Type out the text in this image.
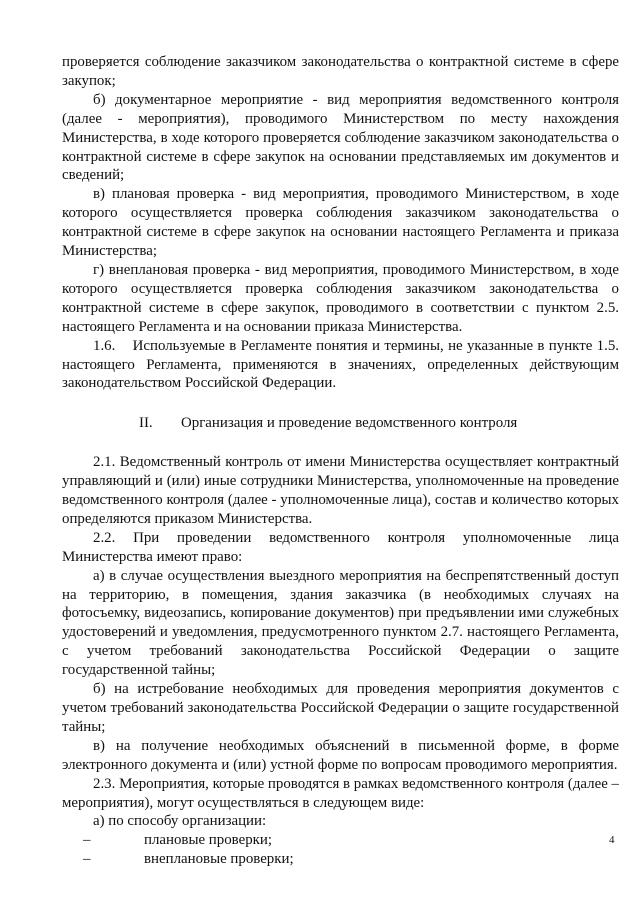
проверяется соблюдение заказчиком законодательства о контрактной системе в сфере закупок;

б) документарное мероприятие - вид мероприятия ведомственного контроля (далее - мероприятия), проводимого Министерством по месту нахождения Министерства, в ходе которого проверяется соблюдение заказчиком законодательства о контрактной системе в сфере закупок на основании представляемых им документов и сведений;

в) плановая проверка - вид мероприятия, проводимого Министерством, в ходе которого осуществляется проверка соблюдения заказчиком законодательства о контрактной системе в сфере закупок на основании настоящего Регламента и приказа Министерства;

г) внеплановая проверка - вид мероприятия, проводимого Министерством, в ходе которого осуществляется проверка соблюдения заказчиком законодательства о контрактной системе в сфере закупок, проводимого в соответствии с пунктом 2.5. настоящего Регламента и на основании приказа Министерства.

1.6.    Используемые в Регламенте понятия и термины, не указанные в пункте 1.5. настоящего Регламента, применяются в значениях, определенных действующим законодательством Российской Федерации.

II. Организация и проведение ведомственного контроля

2.1. Ведомственный контроль от имени Министерства осуществляет контрактный управляющий и (или) иные сотрудники Министерства, уполномоченные на проведение ведомственного контроля (далее - уполномоченные лица), состав и количество которых определяются приказом Министерства.

2.2. При проведении ведомственного контроля уполномоченные лица Министерства имеют право:

а) в случае осуществления выездного мероприятия на беспрепятственный доступ на территорию, в помещения, здания заказчика (в необходимых случаях на фотосъемку, видеозапись, копирование документов) при предъявлении ими служебных удостоверений и уведомления, предусмотренного пунктом 2.7. настоящего Регламента, с учетом требований законодательства Российской Федерации о защите государственной тайны;

б) на истребование необходимых для проведения мероприятия документов с учетом требований законодательства Российской Федерации о защите государственной тайны;

в) на получение необходимых объяснений в письменной форме, в форме электронного документа и (или) устной форме по вопросам проводимого мероприятия.

2.3. Мероприятия, которые проводятся в рамках ведомственного контроля (далее – мероприятия), могут осуществляться в следующем виде:

а) по способу организации:

–	плановые проверки;

–	внеплановые проверки;

4
